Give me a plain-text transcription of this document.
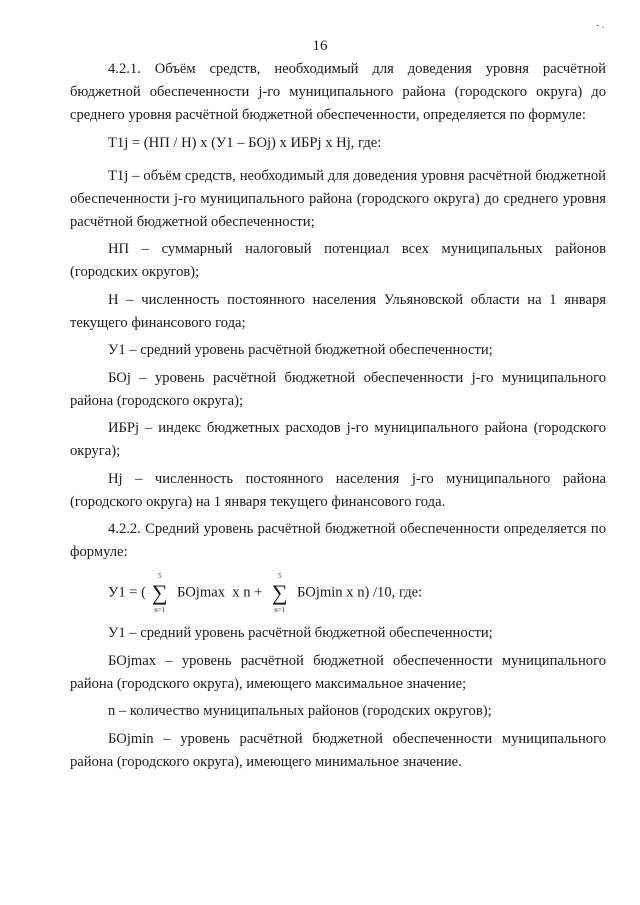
16
- .

4.2.1. Объём средств, необходимый для доведения уровня расчётной бюджетной обеспеченности j-го муниципального района (городского округа) до среднего уровня расчётной бюджетной обеспеченности, определяется по формуле:

Т1j = (НП / Н) х (У1 – БОj) х ИБРj х Hj, где:

Т1j – объём средств, необходимый для доведения уровня расчётной бюджетной обеспеченности j-го муниципального района (городского округа) до среднего уровня расчётной бюджетной обеспеченности;

НП – суммарный налоговый потенциал всех муниципальных районов (городских округов);

Н – численность постоянного населения Ульяновской области на 1 января текущего финансового года;

У1 – средний уровень расчётной бюджетной обеспеченности;

БОj – уровень расчётной бюджетной обеспеченности j-го муниципального района (городского округа);

ИБРj – индекс бюджетных расходов j-го муниципального района (городского округа);

Hj – численность постоянного населения j-го муниципального района (городского округа) на 1 января текущего финансового года.

4.2.2. Средний уровень расчётной бюджетной обеспеченности определяется по формуле:

У1 = (
5
∑
n=1
БОjmax  x n +
5
∑
n=1
БОjmin x n) /10, где:

У1 – средний уровень расчётной бюджетной обеспеченности;

БОjmax – уровень расчётной бюджетной обеспеченности муниципального района (городского округа), имеющего максимальное значение;

n – количество муниципальных районов (городских округов);

БОjmin – уровень расчётной бюджетной обеспеченности муниципального района (городского округа), имеющего минимальное значение.
